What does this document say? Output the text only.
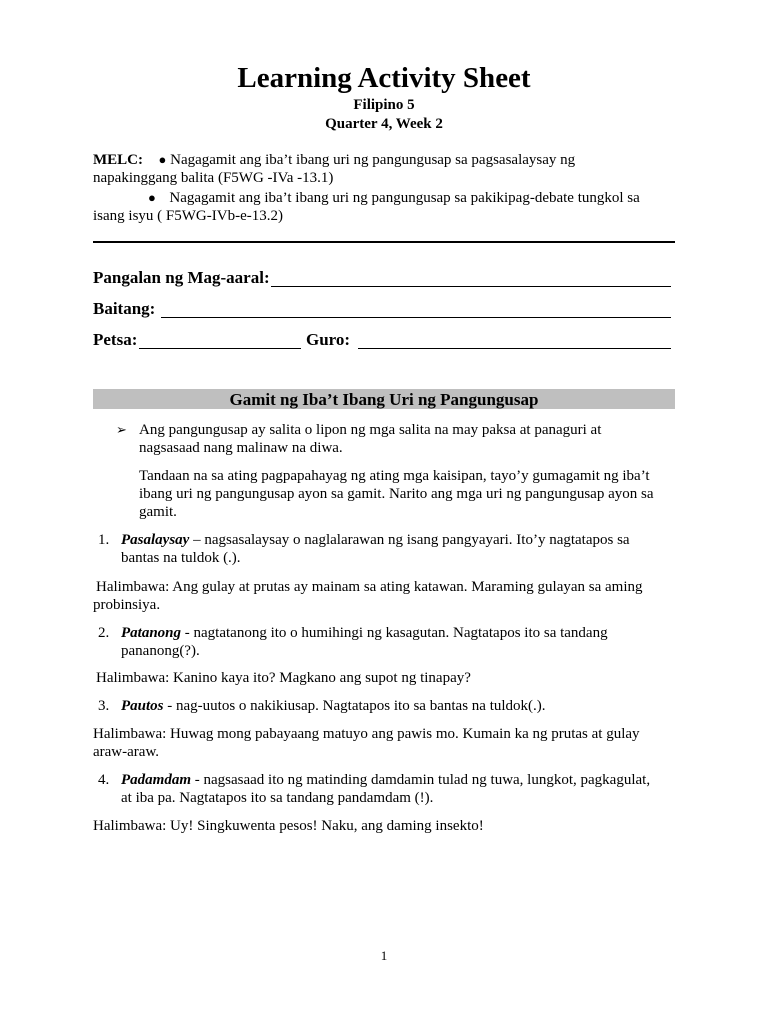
Learning Activity Sheet
Filipino 5
Quarter 4, Week 2
MELC: ● Nagagamit ang iba’t ibang uri ng pangungusap sa pagsasalaysay ng
napakinggang balita (F5WG -IVa -13.1)
● Nagagamit ang iba’t ibang uri ng pangungusap sa pakikipag-debate tungkol sa
isang isyu ( F5WG-IVb-e-13.2)
Pangalan ng Mag-aaral:
Baitang:
Petsa:	Guro:
Gamit ng Iba’t Ibang Uri ng Pangungusap
➢ Ang pangungusap ay salita o lipon ng mga salita na may paksa at panaguri at
nagsasaad nang malinaw na diwa.
Tandaan na sa ating pagpapahayag ng ating mga kaisipan, tayo’y gumagamit ng iba’t
ibang uri ng pangungusap ayon sa gamit. Narito ang mga uri ng pangungusap ayon sa
gamit.
1. Pasalaysay – nagsasalaysay o naglalarawan ng isang pangyayari. Ito’y nagtatapos sa
bantas na tuldok (.).
Halimbawa: Ang gulay at prutas ay mainam sa ating katawan. Maraming gulayan sa aming
probinsiya.
2. Patanong - nagtatanong ito o humihingi ng kasagutan. Nagtatapos ito sa tandang
pananong(?).
Halimbawa: Kanino kaya ito? Magkano ang supot ng tinapay?
3. Pautos - nag-uutos o nakikiusap. Nagtatapos ito sa bantas na tuldok(.).
Halimbawa: Huwag mong pabayaang matuyo ang pawis mo. Kumain ka ng prutas at gulay
araw-araw.
4. Padamdam - nagsasaad ito ng matinding damdamin tulad ng tuwa, lungkot, pagkagulat,
at iba pa. Nagtatapos ito sa tandang pandamdam (!).
Halimbawa: Uy! Singkuwenta pesos! Naku, ang daming insekto!
1
